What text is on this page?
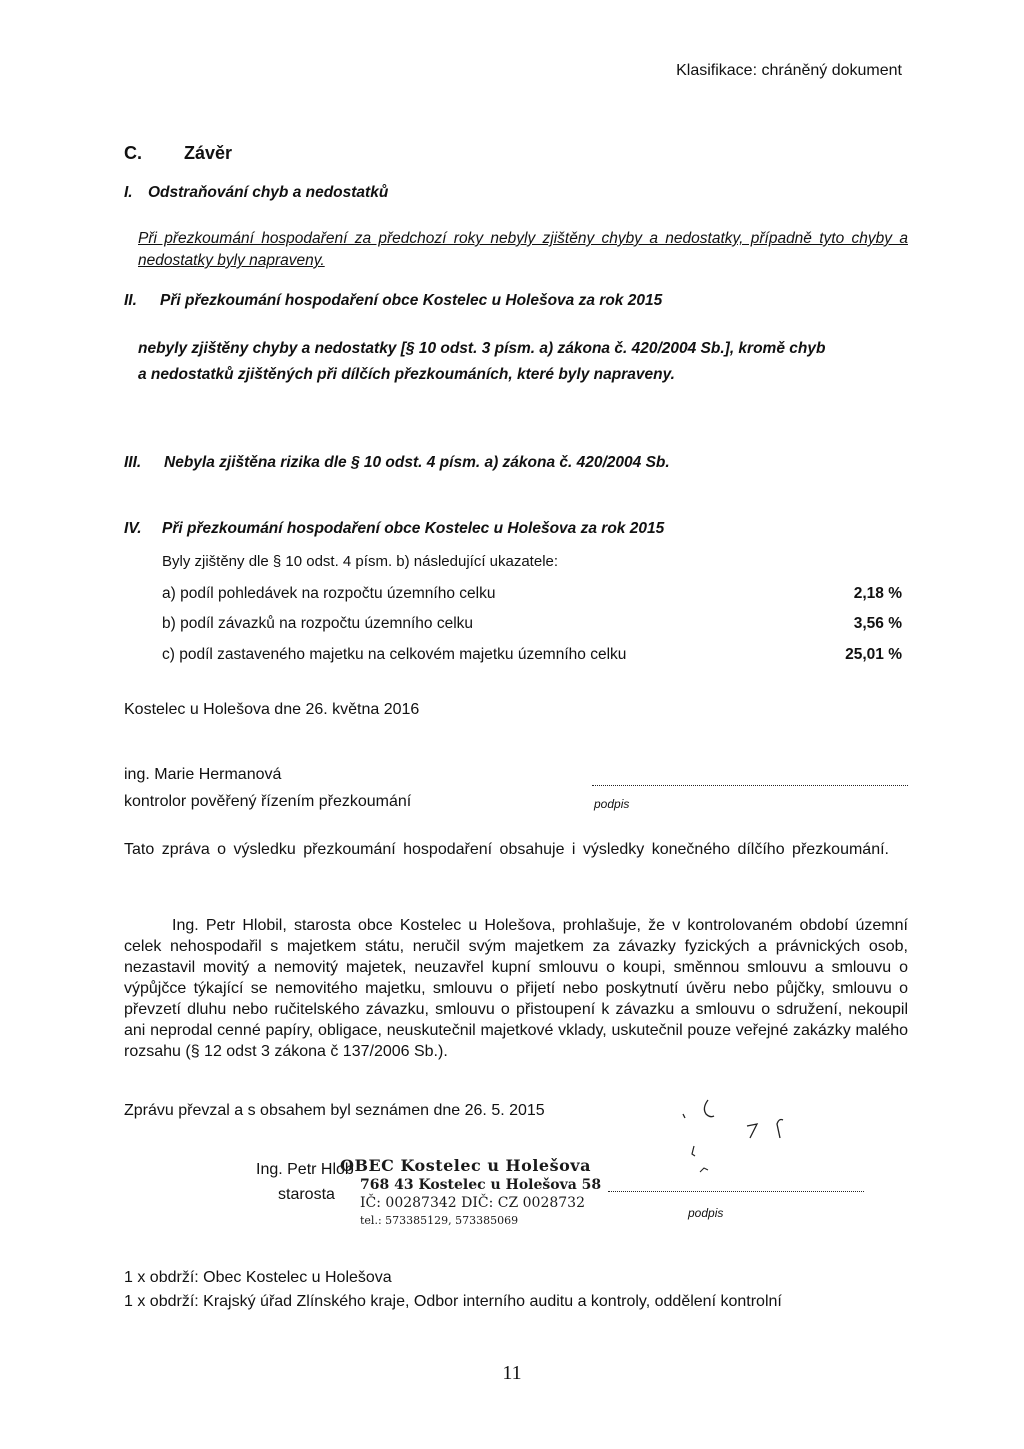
Klasifikace: chráněný dokument
C. Závěr
I. Odstraňování chyb a nedostatků
Při přezkoumání hospodaření za předchozí roky nebyly zjištěny chyby a nedostatky, případně tyto chyby a nedostatky byly napraveny.
II. Při přezkoumání hospodaření obce Kostelec u Holešova za rok 2015
nebyly zjištěny chyby a nedostatky [§ 10 odst. 3 písm. a) zákona č. 420/2004 Sb.], kromě chyb
a nedostatků zjištěných při dílčích přezkoumáních, které byly napraveny.
III. Nebyla zjištěna rizika dle § 10 odst. 4 písm. a) zákona č. 420/2004 Sb.
IV. Při přezkoumání hospodaření obce Kostelec u Holešova za rok 2015
Byly zjištěny dle § 10 odst. 4 písm. b) následující ukazatele:
a) podíl pohledávek na rozpočtu územního celku	2,18 %
b) podíl závazků na rozpočtu územního celku	3,56 %
c) podíl zastaveného majetku na celkovém majetku územního celku	25,01 %
Kostelec u Holešova dne 26. května 2016
ing. Marie Hermanová
kontrolor pověřený řízením přezkoumání	podpis
Tato zpráva o výsledku přezkoumání hospodaření obsahuje i výsledky konečného dílčího přezkoumání.
Ing. Petr Hlobil, starosta obce Kostelec u Holešova, prohlašuje, že v kontrolovaném období územní celek nehospodařil s majetkem státu, neručil svým majetkem za závazky fyzických a právnických osob, nezastavil movitý a nemovitý majetek, neuzavřel kupní smlouvu o koupi, směnnou smlouvu a smlouvu o výpůjčce týkající se nemovitého majetku, smlouvu o přijetí nebo poskytnutí úvěru nebo půjčky, smlouvu o převzetí dluhu nebo ručitelského závazku, smlouvu o přistoupení k závazku a smlouvu o sdružení, nekoupil ani neprodal cenné papíry, obligace, neuskutečnil majetkové vklady, uskutečnil pouze veřejné zakázky malého rozsahu (§ 12 odst 3 zákona č 137/2006 Sb.).
Zprávu převzal a s obsahem byl seznámen dne 26. 5. 2015
Ing. Petr Hlob
starosta
OBEC Kostelec u Holešova
768 43 Kostelec u Holešova 58
IČ: 00287342 DIČ: CZ 0028732
tel.: 573385129, 573385069
podpis
1 x obdrží: Obec Kostelec u Holešova
1 x obdrží: Krajský úřad Zlínského kraje, Odbor interního auditu a kontroly, oddělení kontrolní
11
